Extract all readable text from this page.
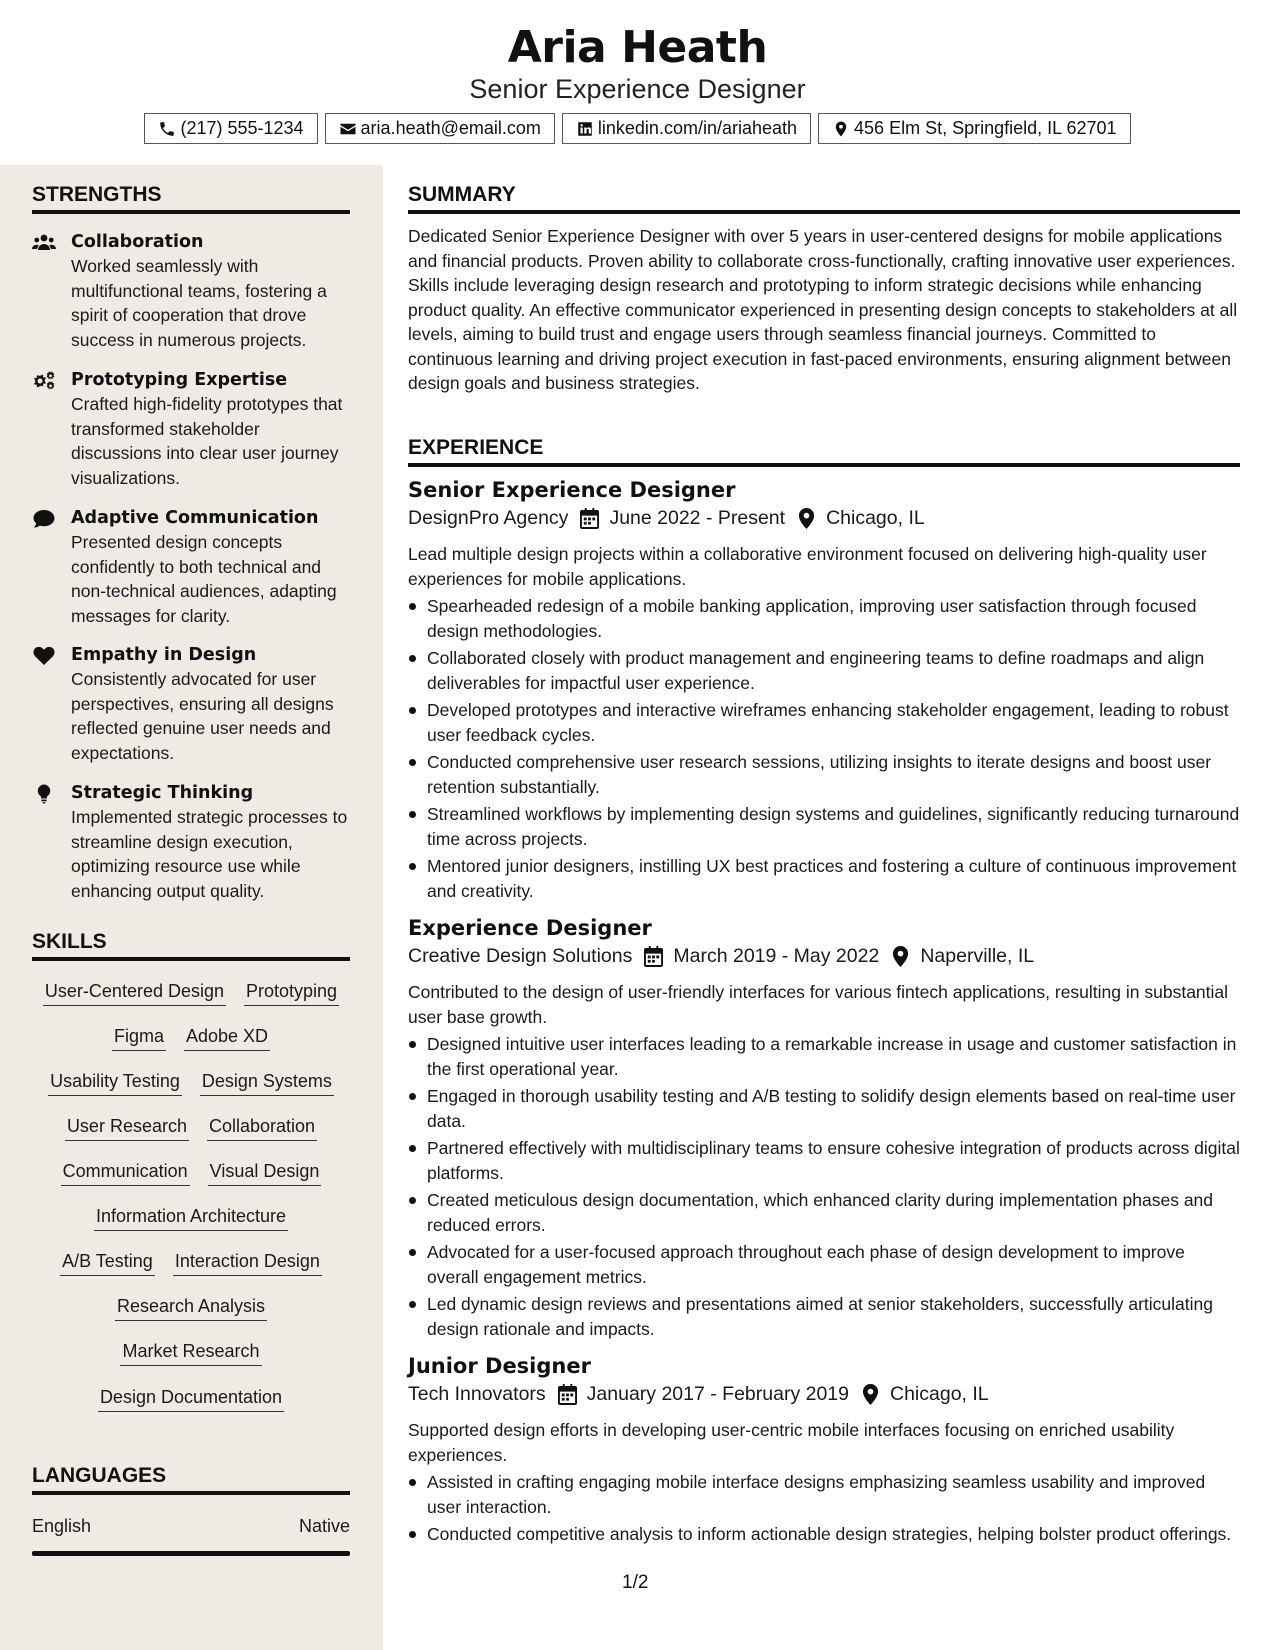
Aria Heath
Senior Experience Designer
(217) 555-1234	aria.heath@email.com	linkedin.com/in/ariaheath	456 Elm St, Springfield, IL 62701
STRENGTHS
Collaboration
Worked seamlessly with multifunctional teams, fostering a spirit of cooperation that drove success in numerous projects.
Prototyping Expertise
Crafted high-fidelity prototypes that transformed stakeholder discussions into clear user journey visualizations.
Adaptive Communication
Presented design concepts confidently to both technical and non-technical audiences, adapting messages for clarity.
Empathy in Design
Consistently advocated for user perspectives, ensuring all designs reflected genuine user needs and expectations.
Strategic Thinking
Implemented strategic processes to streamline design execution, optimizing resource use while enhancing output quality.
SKILLS
User-Centered Design Prototyping
Figma Adobe XD
Usability Testing Design Systems
User Research Collaboration
Communication Visual Design
Information Architecture
A/B Testing Interaction Design
Research Analysis
Market Research
Design Documentation
LANGUAGES
English	Native
SUMMARY
Dedicated Senior Experience Designer with over 5 years in user-centered designs for mobile applications and financial products. Proven ability to collaborate cross-functionally, crafting innovative user experiences. Skills include leveraging design research and prototyping to inform strategic decisions while enhancing product quality. An effective communicator experienced in presenting design concepts to stakeholders at all levels, aiming to build trust and engage users through seamless financial journeys. Committed to continuous learning and driving project execution in fast-paced environments, ensuring alignment between design goals and business strategies.
EXPERIENCE
Senior Experience Designer
DesignPro Agency June 2022 - Present Chicago, IL
Lead multiple design projects within a collaborative environment focused on delivering high-quality user experiences for mobile applications.
Spearheaded redesign of a mobile banking application, improving user satisfaction through focused design methodologies.
Collaborated closely with product management and engineering teams to define roadmaps and align deliverables for impactful user experience.
Developed prototypes and interactive wireframes enhancing stakeholder engagement, leading to robust user feedback cycles.
Conducted comprehensive user research sessions, utilizing insights to iterate designs and boost user retention substantially.
Streamlined workflows by implementing design systems and guidelines, significantly reducing turnaround time across projects.
Mentored junior designers, instilling UX best practices and fostering a culture of continuous improvement and creativity.
Experience Designer
Creative Design Solutions March 2019 - May 2022 Naperville, IL
Contributed to the design of user-friendly interfaces for various fintech applications, resulting in substantial user base growth.
Designed intuitive user interfaces leading to a remarkable increase in usage and customer satisfaction in the first operational year.
Engaged in thorough usability testing and A/B testing to solidify design elements based on real-time user data.
Partnered effectively with multidisciplinary teams to ensure cohesive integration of products across digital platforms.
Created meticulous design documentation, which enhanced clarity during implementation phases and reduced errors.
Advocated for a user-focused approach throughout each phase of design development to improve overall engagement metrics.
Led dynamic design reviews and presentations aimed at senior stakeholders, successfully articulating design rationale and impacts.
Junior Designer
Tech Innovators January 2017 - February 2019 Chicago, IL
Supported design efforts in developing user-centric mobile interfaces focusing on enriched usability experiences.
Assisted in crafting engaging mobile interface designs emphasizing seamless usability and improved user interaction.
Conducted competitive analysis to inform actionable design strategies, helping bolster product offerings.
1/2
